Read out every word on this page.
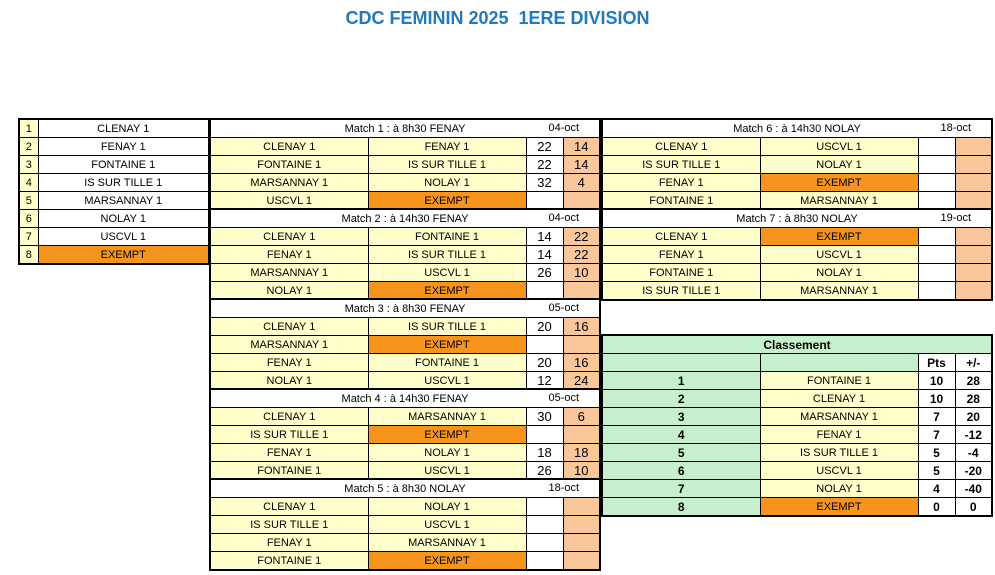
CDC FEMININ 2025  1ERE DIVISION
1	CLENAY 1
2	FENAY 1
3	FONTAINE 1
4	IS SUR TILLE 1
5	MARSANNAY 1
6	NOLAY 1
7	USCVL 1
8	EXEMPT
Match 1 : à 8h30 FENAY 04-oct			

CLENAY 1	FENAY 1	22	14
FONTAINE 1	IS SUR TILLE 1	22	14
MARSANNAY 1	NOLAY 1	32	4
USCVL 1	EXEMPT		
Match 2 : à 14h30 FENAY 04-oct			

CLENAY 1	FONTAINE 1	14	22
FENAY 1	IS SUR TILLE 1	14	22
MARSANNAY 1	USCVL 1	26	10
NOLAY 1	EXEMPT		
Match 3 : à 8h30 FENAY 05-oct			

CLENAY 1	IS SUR TILLE 1	20	16
MARSANNAY 1	EXEMPT		
FENAY 1	FONTAINE 1	20	16
NOLAY 1	USCVL 1	12	24
Match 4 : à 14h30 FENAY 05-oct			

CLENAY 1	MARSANNAY 1	30	6
IS SUR TILLE 1	EXEMPT		
FENAY 1	NOLAY 1	18	18
FONTAINE 1	USCVL 1	26	10
Match 5 : à 8h30 NOLAY 18-oct			

CLENAY 1	NOLAY 1		
IS SUR TILLE 1	USCVL 1		
FENAY 1	MARSANNAY 1		
FONTAINE 1	EXEMPT		
Match 6 : à 14h30 NOLAY 18-oct			

CLENAY 1	USCVL 1		
IS SUR TILLE 1	NOLAY 1		
FENAY 1	EXEMPT		
FONTAINE 1	MARSANNAY 1		
Match 7 : à 8h30 NOLAY 19-oct			

CLENAY 1	EXEMPT		
FENAY 1	USCVL 1		
FONTAINE 1	NOLAY 1		
IS SUR TILLE 1	MARSANNAY 1		
Classement			
		Pts	+/-
1	FONTAINE 1	10	28
2	CLENAY 1	10	28
3	MARSANNAY 1	7	20
4	FENAY 1	7	-12
5	IS SUR TILLE 1	5	-4
6	USCVL 1	5	-20
7	NOLAY 1	4	-40
8	EXEMPT	0	0
